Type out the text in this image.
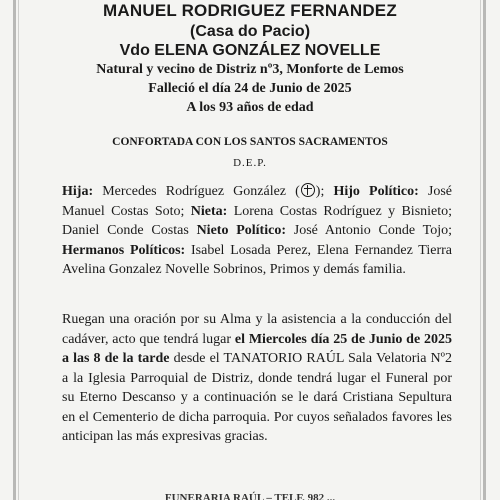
MANUEL RODRIGUEZ FERNANDEZ
(Casa do Pacio)
Vdo ELENA GONZÁLEZ NOVELLE
Natural y vecino de Distriz nº3, Monforte de Lemos
Falleció el día 24 de Junio de 2025
A los 93 años de edad
CONFORTADA CON LOS SANTOS SACRAMENTOS
D.E.P.
Hija: Mercedes Rodríguez González ( ); Hijo Político: José Manuel Costas Soto; Nieta: Lorena Costas Rodríguez y Bisnieto; Daniel Conde Costas Nieto Político: José Antonio Conde Tojo; Hermanos Políticos: Isabel Losada Perez, Elena Fernandez Tierra Avelina Gonzalez Novelle Sobrinos, Primos y demás familia.
Ruegan una oración por su Alma y la asistencia a la conducción del cadáver, acto que tendrá lugar el Miercoles día 25 de Junio de 2025 a las 8 de la tarde desde el TANATORIO RAÚL Sala Velatoria Nº2 a la Iglesia Parroquial de Distriz, donde tendrá lugar el Funeral por su Eterno Descanso y a continuación se le dará Cristiana Sepultura en el Cementerio de dicha parroquia. Por cuyos señalados favores les anticipan las más expresivas gracias.
FUNERARIA RAÚL – TELF. 982 ...
